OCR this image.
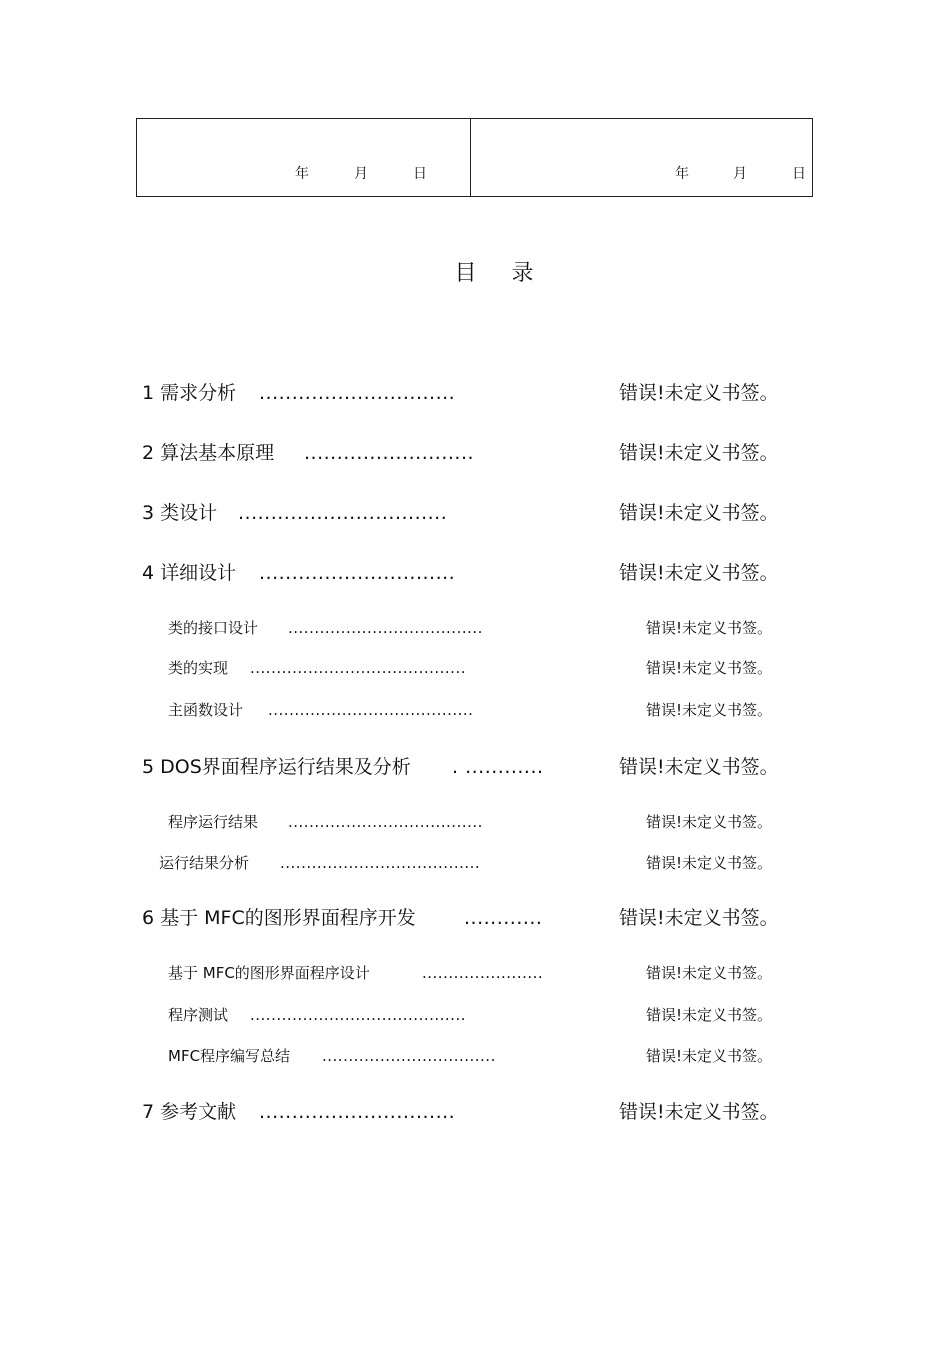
年	月	日	年	月	日
目 录
1 需求分析 ..............................	错误!未定义书签。
2 算法基本原理 ..........................	错误!未定义书签。
3 类设计 ................................	错误!未定义书签。
4 详细设计 ..............................	错误!未定义书签。
类的接口设计 .....................................	错误!未定义书签。
类的实现 .........................................	错误!未定义书签。
主函数设计 .......................................	错误!未定义书签。
5 DOS界面程序运行结果及分析 . ............	错误!未定义书签。
程序运行结果 .....................................	错误!未定义书签。
运行结果分析 ......................................	错误!未定义书签。
6 基于 MFC的图形界面程序开发	............	错误!未定义书签。
基于 MFC的图形界面程序设计	.......................	错误!未定义书签。
程序测试 .........................................	错误!未定义书签。
MFC程序编写总结 .................................	错误!未定义书签。
7 参考文献 ..............................	错误!未定义书签。
